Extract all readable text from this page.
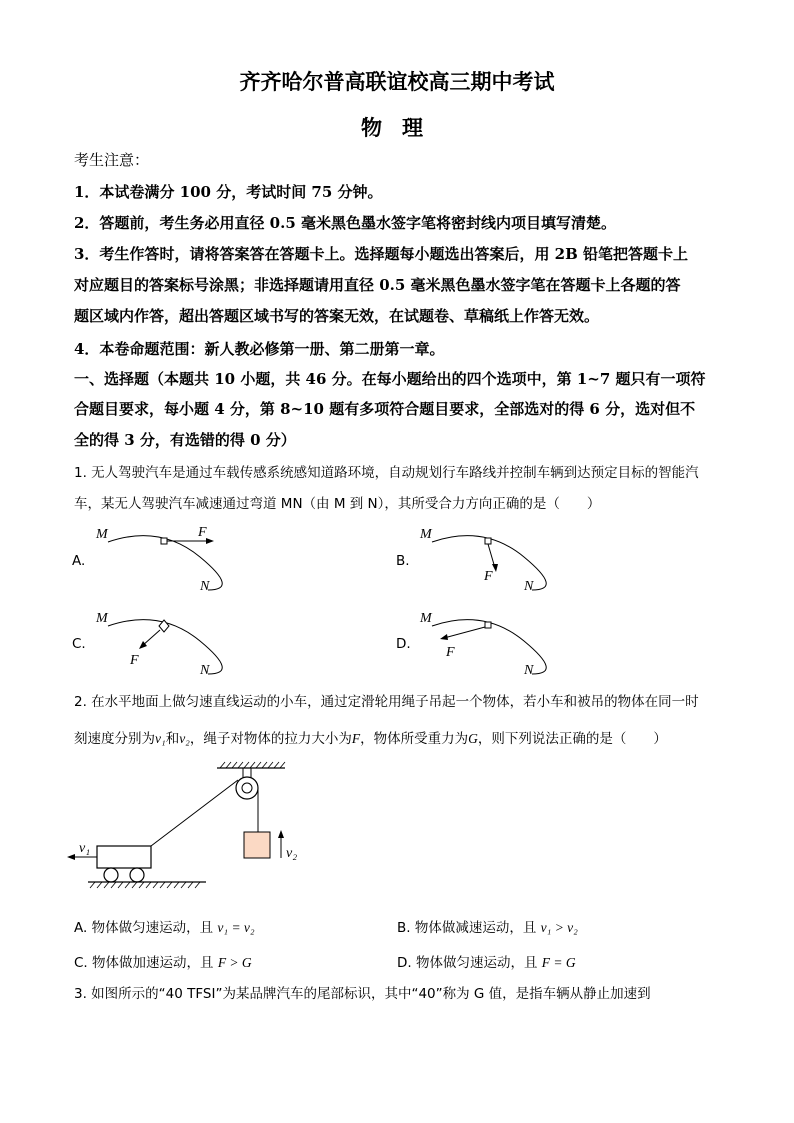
齐齐哈尔普高联谊校高三期中考试
物理
考生注意：
1．本试卷满分 100 分，考试时间 75 分钟。
2．答题前，考生务必用直径 0.5 毫米黑色墨水签字笔将密封线内项目填写清楚。
3．考生作答时，请将答案答在答题卡上。选择题每小题选出答案后，用 2B 铅笔把答题卡上
对应题目的答案标号涂黑；非选择题请用直径 0.5 毫米黑色墨水签字笔在答题卡上各题的答
题区域内作答，超出答题区域书写的答案无效，在试题卷、草稿纸上作答无效。
4．本卷命题范围：新人教必修第一册、第二册第一章。
一、选择题（本题共 10 小题，共 46 分。在每小题给出的四个选项中，第 1~7 题只有一项符
合题目要求，每小题 4 分，第 8~10 题有多项符合题目要求，全部选对的得 6 分，选对但不
全的得 3 分，有选错的得 0 分）
1. 无人驾驶汽车是通过车载传感系统感知道路环境，自动规划行车路线并控制车辆到达预定目标的智能汽
车，某无人驾驶汽车减速通过弯道 MN（由 M 到 N），其所受合力方向正确的是（　　）
A.
M
N
F
B.
M
N
F
C.
M
N
F
D.
M
N
F
2. 在水平地面上做匀速直线运动的小车，通过定滑轮用绳子吊起一个物体，若小车和被吊的物体在同一时
刻速度分别为v₁和v₂，绳子对物体的拉力大小为F，物体所受重力为G，则下列说法正确的是（　　）
v₂
v₁
A. 物体做匀速运动，且 v₁ = v₂	B. 物体做减速运动，且 v₁ > v₂
C. 物体做加速运动，且 F > G	D. 物体做匀速运动，且 F = G
3. 如图所示的“40 TFSI”为某品牌汽车的尾部标识，其中“40”称为 G 值，是指车辆从静止加速到
